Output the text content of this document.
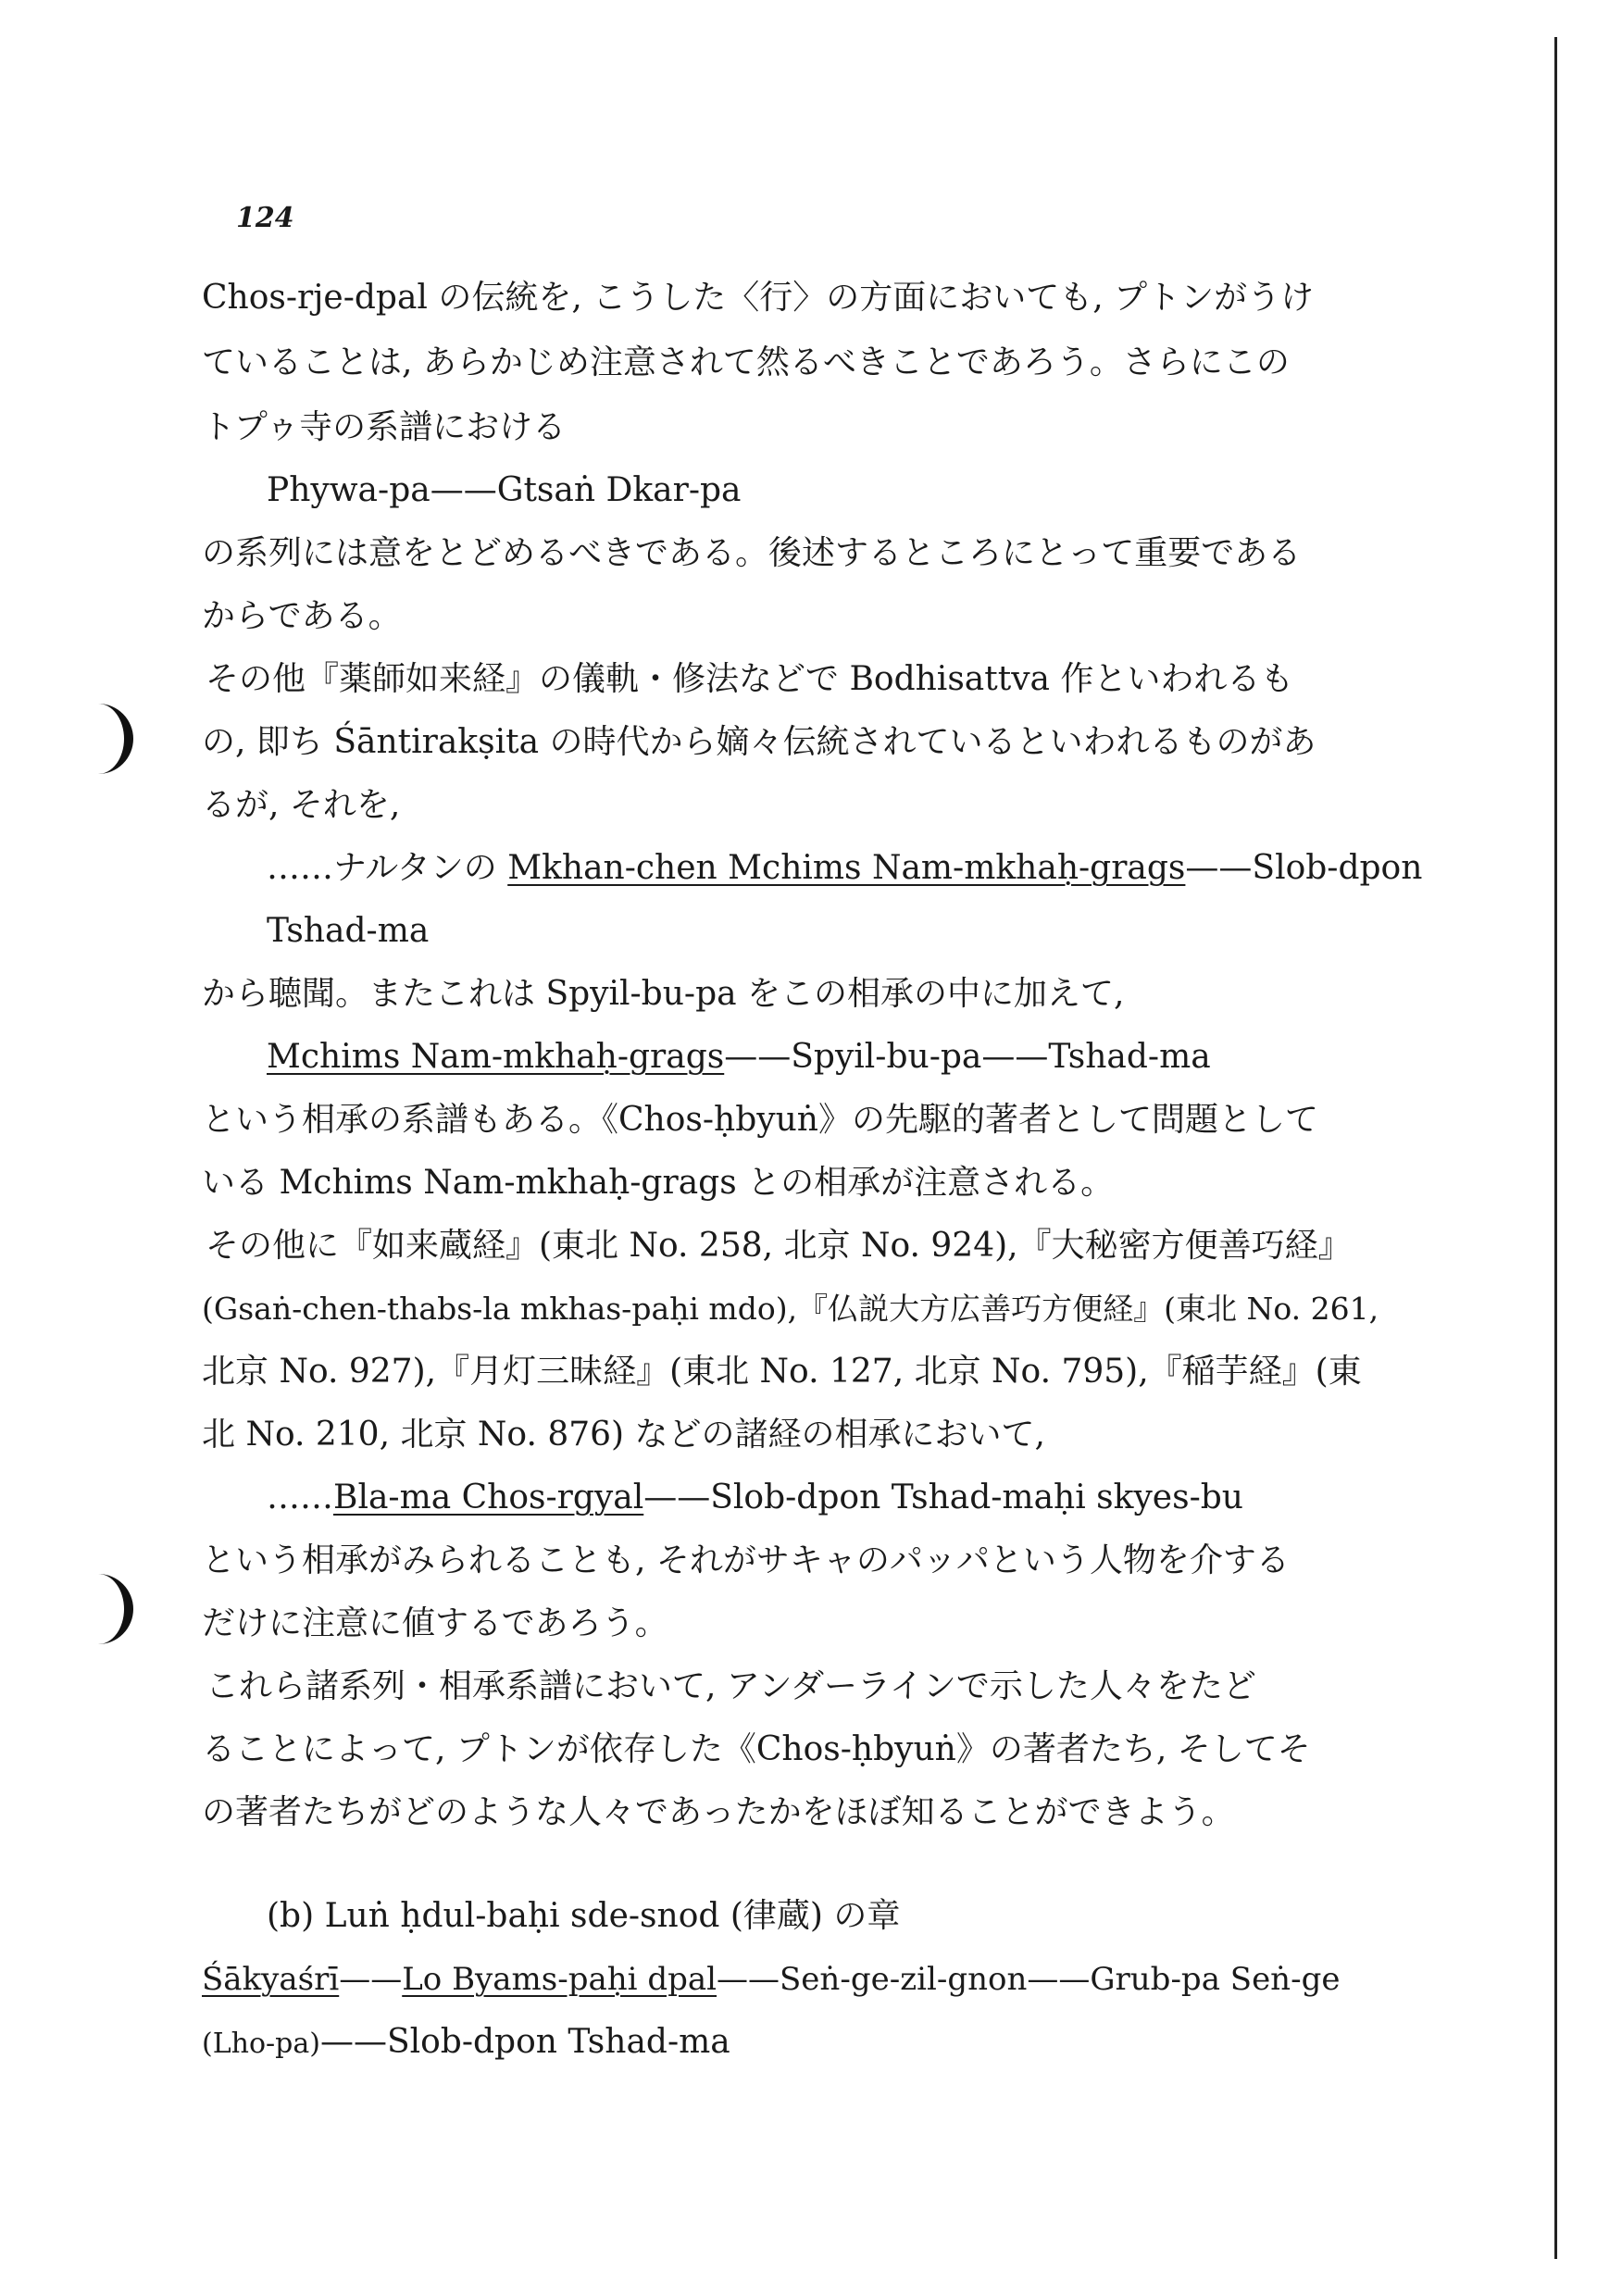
124
Chos-rje-dpal の伝統を, こうした〈行〉の方面においても, プトンがうけ
ていることは, あらかじめ注意されて然るべきことであろう。さらにこの
トプゥ寺の系譜における
Phywa-pa——Gtsaṅ Dkar-pa
の系列には意をとどめるべきである。後述するところにとって重要である
からである。
その他『薬師如来経』の儀軌・修法などで Bodhisattva 作といわれるも
の, 即ち Śāntirakṣita の時代から嫡々伝統されているといわれるものがあ
るが, それを,
……ナルタンの Mkhan-chen Mchims Nam-mkhaḥ-grags——Slob-dpon
Tshad-ma
から聴聞。またこれは Spyil-bu-pa をこの相承の中に加えて,
Mchims Nam-mkhaḥ-grags——Spyil-bu-pa——Tshad-ma
という相承の系譜もある。《Chos-ḥbyuṅ》の先駆的著者として問題として
いる Mchims Nam-mkhaḥ-grags との相承が注意される。
その他に『如来蔵経』(東北 No. 258, 北京 No. 924),『大秘密方便善巧経』
(Gsaṅ-chen-thabs-la mkhas-paḥi mdo),『仏説大方広善巧方便経』(東北 No. 261,
北京 No. 927),『月灯三昧経』(東北 No. 127, 北京 No. 795),『稲芋経』(東
北 No. 210, 北京 No. 876) などの諸経の相承において,
……Bla-ma Chos-rgyal——Slob-dpon Tshad-maḥi skyes-bu
という相承がみられることも, それがサキャのパッパという人物を介する
だけに注意に値するであろう。
これら諸系列・相承系譜において, アンダーラインで示した人々をたど
ることによって, プトンが依存した《Chos-ḥbyuṅ》の著者たち, そしてそ
の著者たちがどのような人々であったかをほぼ知ることができよう。
(b) Luṅ ḥdul-baḥi sde-snod (律蔵) の章
Śākyaśrī——Lo Byams-paḥi dpal——Seṅ-ge-zil-gnon——Grub-pa Seṅ-ge
(Lho-pa)——Slob-dpon Tshad-ma
